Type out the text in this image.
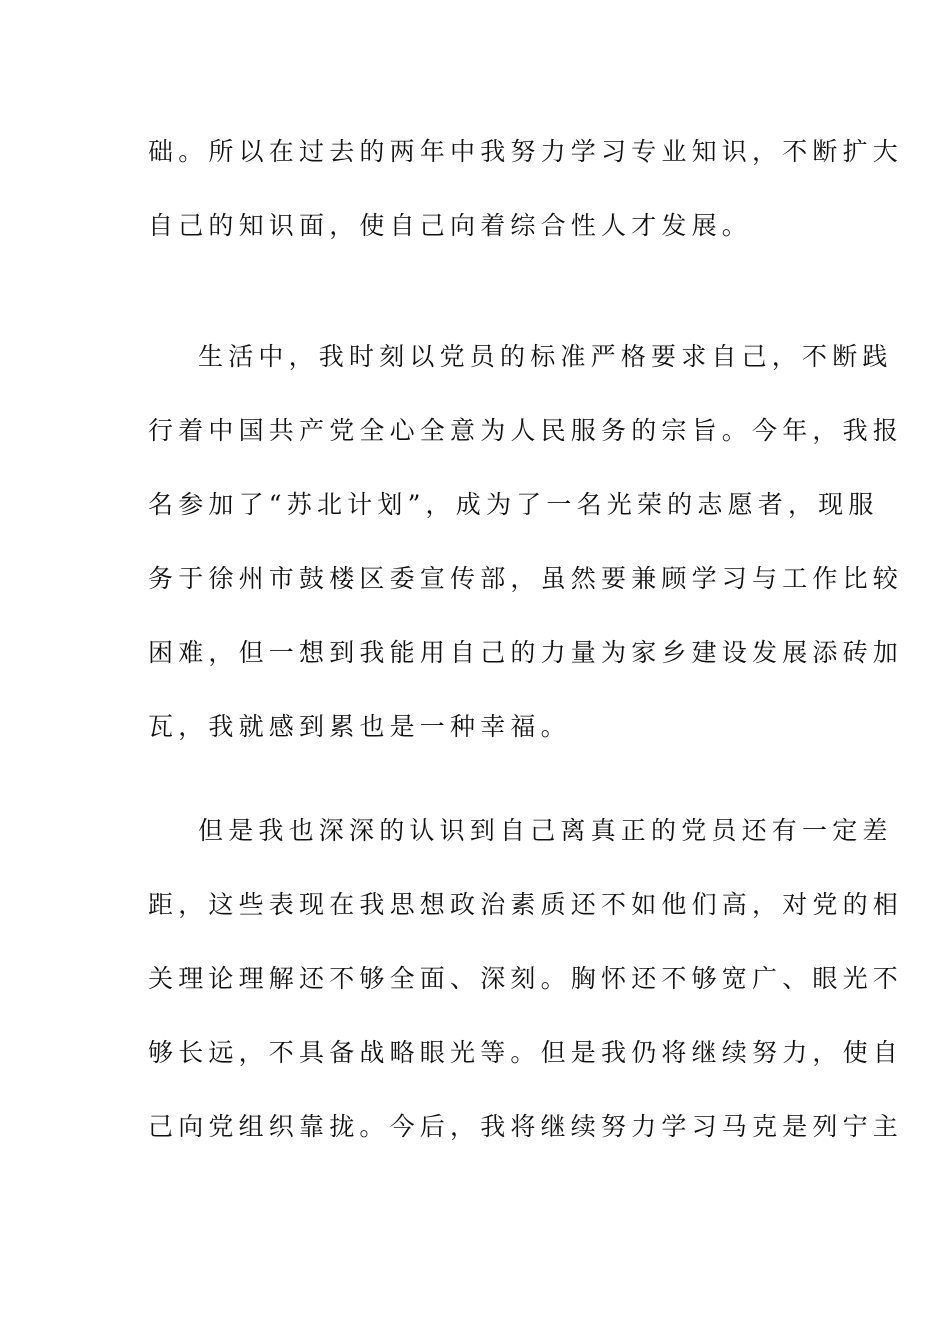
础。所以在过去的两年中我努力学习专业知识，不断扩大

自己的知识面，使自己向着综合性人才发展。

生活中，我时刻以党员的标准严格要求自己，不断践

行着中国共产党全心全意为人民服务的宗旨。今年，我报

名参加了“苏北计划”，成为了一名光荣的志愿者，现服

务于徐州市鼓楼区委宣传部，虽然要兼顾学习与工作比较

困难，但一想到我能用自己的力量为家乡建设发展添砖加

瓦，我就感到累也是一种幸福。

但是我也深深的认识到自己离真正的党员还有一定差

距，这些表现在我思想政治素质还不如他们高，对党的相

关理论理解还不够全面、深刻。胸怀还不够宽广、眼光不

够长远，不具备战略眼光等。但是我仍将继续努力，使自

己向党组织靠拢。今后，我将继续努力学习马克是列宁主
